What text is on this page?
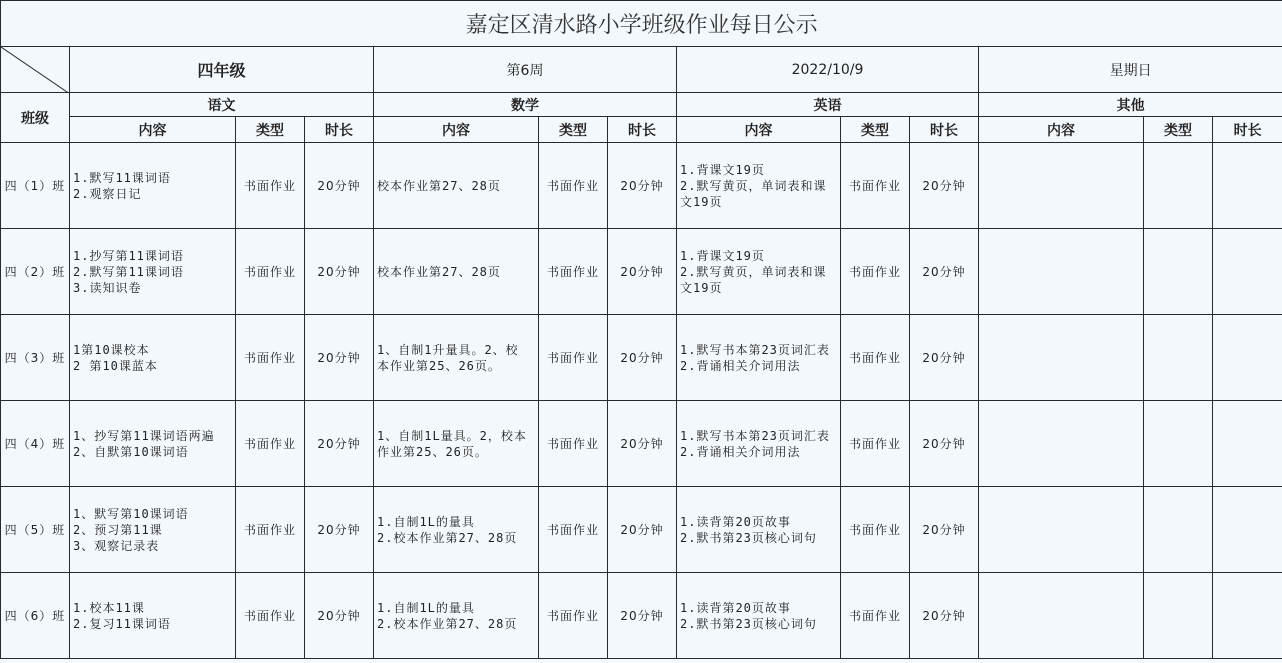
嘉定区清水路小学班级作业每日公示												

	四年级			第6周			2022/10/9			星期日		
班级	语文			数学			英语			其他		
	内容	类型	时长	内容	类型	时长	内容	类型	时长	内容	类型	时长
四（1）班	1.默写11课词语
2.观察日记	书面作业	20分钟	校本作业第27、28页	书面作业	20分钟	1.背课文19页
2.默写黄页，单词表和课
文19页	书面作业	20分钟			
四（2）班	1.抄写第11课词语
2.默写第11课词语
3.读知识卷	书面作业	20分钟	校本作业第27、28页	书面作业	20分钟	1.背课文19页
2.默写黄页，单词表和课
文19页	书面作业	20分钟			
四（3）班	1第10课校本
2 第10课蓝本	书面作业	20分钟	1、自制1升量具。2、校
本作业第25、26页。	书面作业	20分钟	1.默写书本第23页词汇表
2.背诵相关介词用法	书面作业	20分钟			
四（4）班	1、抄写第11课词语两遍
2、自默第10课词语	书面作业	20分钟	1、自制1L量具。2，校本
作业第25、26页。	书面作业	20分钟	1.默写书本第23页词汇表
2.背诵相关介词用法	书面作业	20分钟			
四（5）班	1、默写第10课词语
2、预习第11课
3、观察记录表	书面作业	20分钟	1.自制1L的量具
2.校本作业第27、28页	书面作业	20分钟	1.读背第20页故事
2.默书第23页核心词句	书面作业	20分钟			
四（6）班	1.校本11课
2.复习11课词语	书面作业	20分钟	1.自制1L的量具
2.校本作业第27、28页	书面作业	20分钟	1.读背第20页故事
2.默书第23页核心词句	书面作业	20分钟			
